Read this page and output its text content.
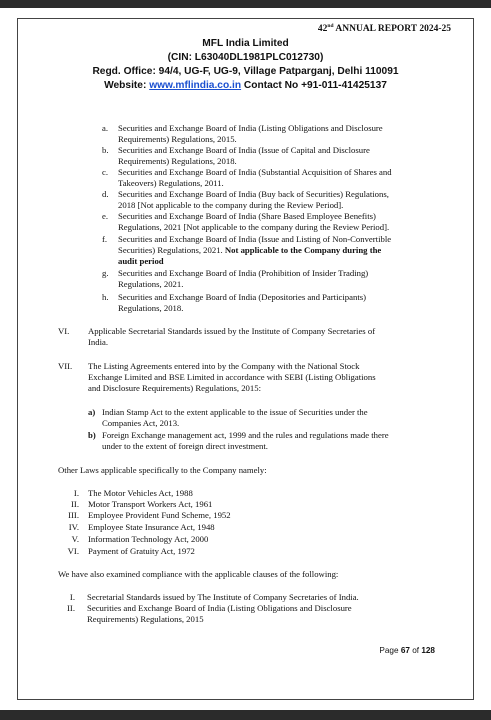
42nd ANNUAL REPORT 2024-25
MFL India Limited
(CIN: L63040DL1981PLC012730)
Regd. Office: 94/4, UG-F, UG-9, Village Patparganj, Delhi 110091
Website: www.mflindia.co.in Contact No +91-011-41425137
a. Securities and Exchange Board of India (Listing Obligations and Disclosure
Requirements) Regulations, 2015.
b. Securities and Exchange Board of India (Issue of Capital and Disclosure
Requirements) Regulations, 2018.
c. Securities and Exchange Board of India (Substantial Acquisition of Shares and
Takeovers) Regulations, 2011.
d. Securities and Exchange Board of India (Buy back of Securities) Regulations,
2018 [Not applicable to the company during the Review Period].
e. Securities and Exchange Board of India (Share Based Employee Benefits)
Regulations, 2021 [Not applicable to the company during the Review Period].
f. Securities and Exchange Board of India (Issue and Listing of Non-Convertible
Securities) Regulations, 2021. Not applicable to the Company during the
audit period
g. Securities and Exchange Board of India (Prohibition of Insider Trading)
Regulations, 2021.
h. Securities and Exchange Board of India (Depositories and Participants)
Regulations, 2018.
VI. Applicable Secretarial Standards issued by the Institute of Company Secretaries of
India.
VII. The Listing Agreements entered into by the Company with the National Stock
Exchange Limited and BSE Limited in accordance with SEBI (Listing Obligations
and Disclosure Requirements) Regulations, 2015:
a) Indian Stamp Act to the extent applicable to the issue of Securities under the
Companies Act, 2013.
b) Foreign Exchange management act, 1999 and the rules and regulations made there
under to the extent of foreign direct investment.
Other Laws applicable specifically to the Company namely:
I. The Motor Vehicles Act, 1988
II. Motor Transport Workers Act, 1961
III. Employee Provident Fund Scheme, 1952
IV. Employee State Insurance Act, 1948
V. Information Technology Act, 2000
VI. Payment of Gratuity Act, 1972
We have also examined compliance with the applicable clauses of the following:
I. Secretarial Standards issued by The Institute of Company Secretaries of India.
II. Securities and Exchange Board of India (Listing Obligations and Disclosure
Requirements) Regulations, 2015
Page 67 of 128
